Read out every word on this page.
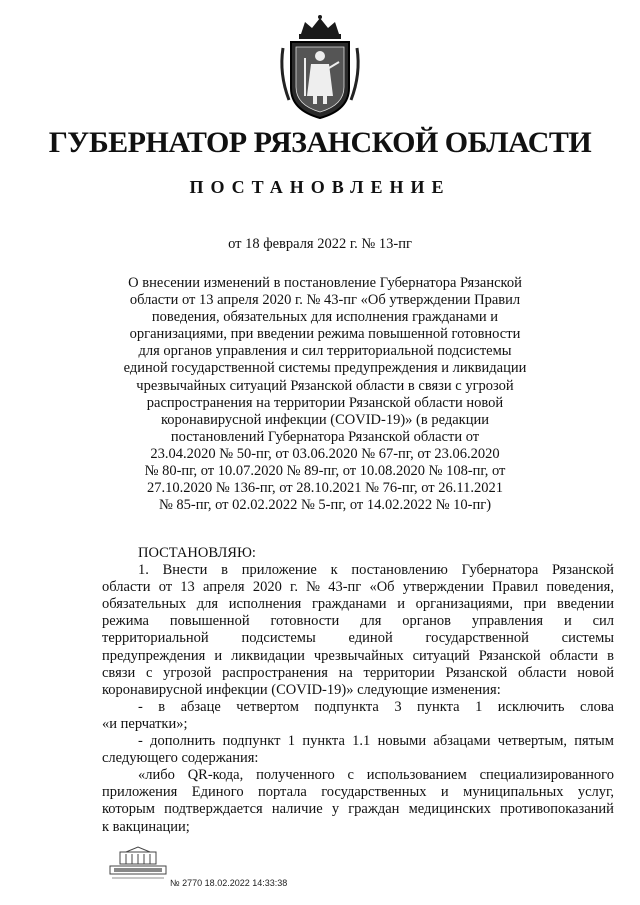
ГУБЕРНАТОР РЯЗАНСКОЙ ОБЛАСТИ
ПОСТАНОВЛЕНИЕ
от 18 февраля 2022 г. № 13-пг
О внесении изменений в постановление Губернатора Рязанской
области от 13 апреля 2020 г. № 43-пг «Об утверждении Правил
поведения, обязательных для исполнения гражданами и
организациями, при введении режима повышенной готовности
для органов управления и сил территориальной подсистемы
единой государственной системы предупреждения и ликвидации
чрезвычайных ситуаций Рязанской области в связи с угрозой
распространения на территории Рязанской области новой
коронавирусной инфекции (COVID-19)» (в редакции
постановлений Губернатора Рязанской области от
23.04.2020 № 50-пг, от 03.06.2020 № 67-пг, от 23.06.2020
№ 80-пг, от 10.07.2020 № 89-пг, от 10.08.2020 № 108-пг, от
27.10.2020 № 136-пг, от 28.10.2021 № 76-пг, от 26.11.2021
№ 85-пг, от 02.02.2022 № 5-пг, от 14.02.2022 № 10-пг)
ПОСТАНОВЛЯЮ:
1. Внести в приложение к постановлению Губернатора Рязанской
области от 13 апреля 2020 г. № 43-пг «Об утверждении Правил поведения,
обязательных для исполнения гражданами и организациями, при введении
режима повышенной готовности для органов управления и сил
территориальной подсистемы единой государственной системы
предупреждения и ликвидации чрезвычайных ситуаций Рязанской области в
связи с угрозой распространения на территории Рязанской области новой
коронавирусной инфекции (COVID-19)» следующие изменения:
- в абзаце четвертом подпункта 3 пункта 1 исключить слова
«и перчатки»;
- дополнить подпункт 1 пункта 1.1 новыми абзацами четвертым, пятым
следующего содержания:
«либо QR-кода, полученного с использованием специализированного
приложения Единого портала государственных и муниципальных услуг,
которым подтверждается наличие у граждан медицинских противопоказаний
к вакцинации;
№ 2770 18.02.2022 14:33:38
